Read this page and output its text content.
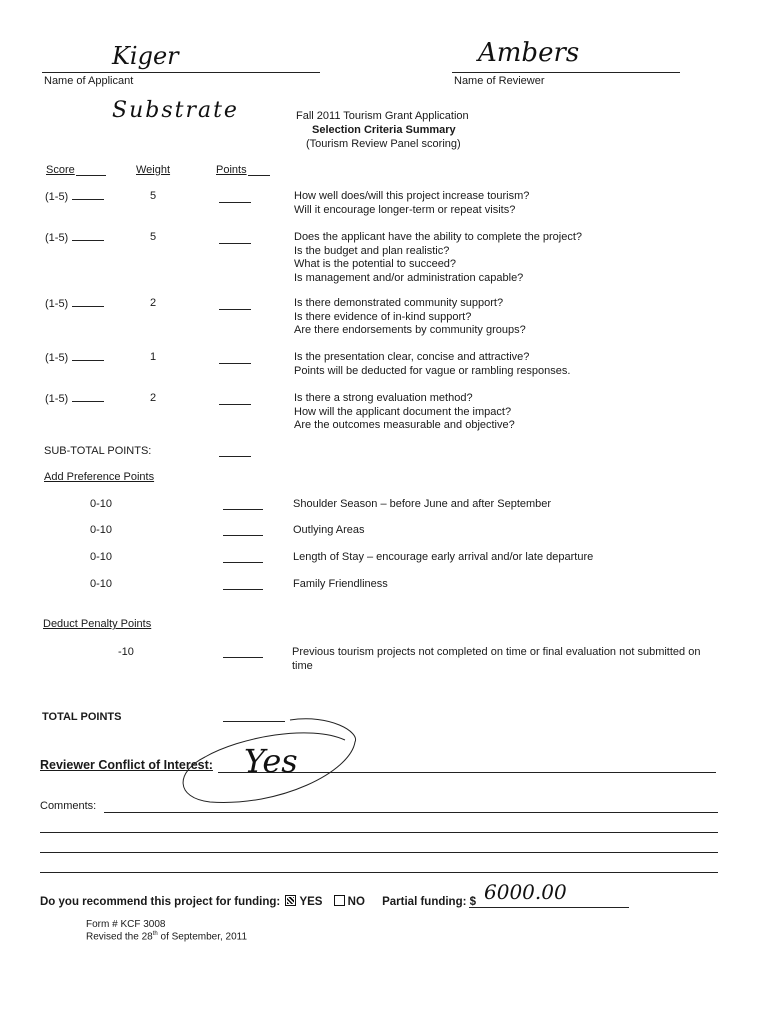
Kiger
Name of Applicant
Ambers
Name of Reviewer
Substrate	Fall 2011 Tourism Grant Application
Selection Criteria Summary
(Tourism Review Panel scoring)
Score	Weight	Points
(1-5)	5	How well does/will this project increase tourism?
Will it encourage longer-term or repeat visits?
(1-5)	5	Does the applicant have the ability to complete the project?
Is the budget and plan realistic?
What is the potential to succeed?
Is management and/or administration capable?
(1-5)	2	Is there demonstrated community support?
Is there evidence of in-kind support?
Are there endorsements by community groups?
(1-5)	1	Is the presentation clear, concise and attractive?
Points will be deducted for vague or rambling responses.
(1-5)	2	Is there a strong evaluation method?
How will the applicant document the impact?
Are the outcomes measurable and objective?
SUB-TOTAL POINTS:
Add Preference Points
0-10	Shoulder Season – before June and after September
0-10	Outlying Areas
0-10	Length of Stay – encourage early arrival and/or late departure
0-10	Family Friendliness
Deduct Penalty Points
-10	Previous tourism projects not completed on time or final evaluation not submitted on
time
TOTAL POINTS
Reviewer Conflict of Interest: Yes
Comments:
Do you recommend this project for funding: YES NO Partial funding: $ 6000.00
Form # KCF 3008
Revised the 28th of September, 2011
